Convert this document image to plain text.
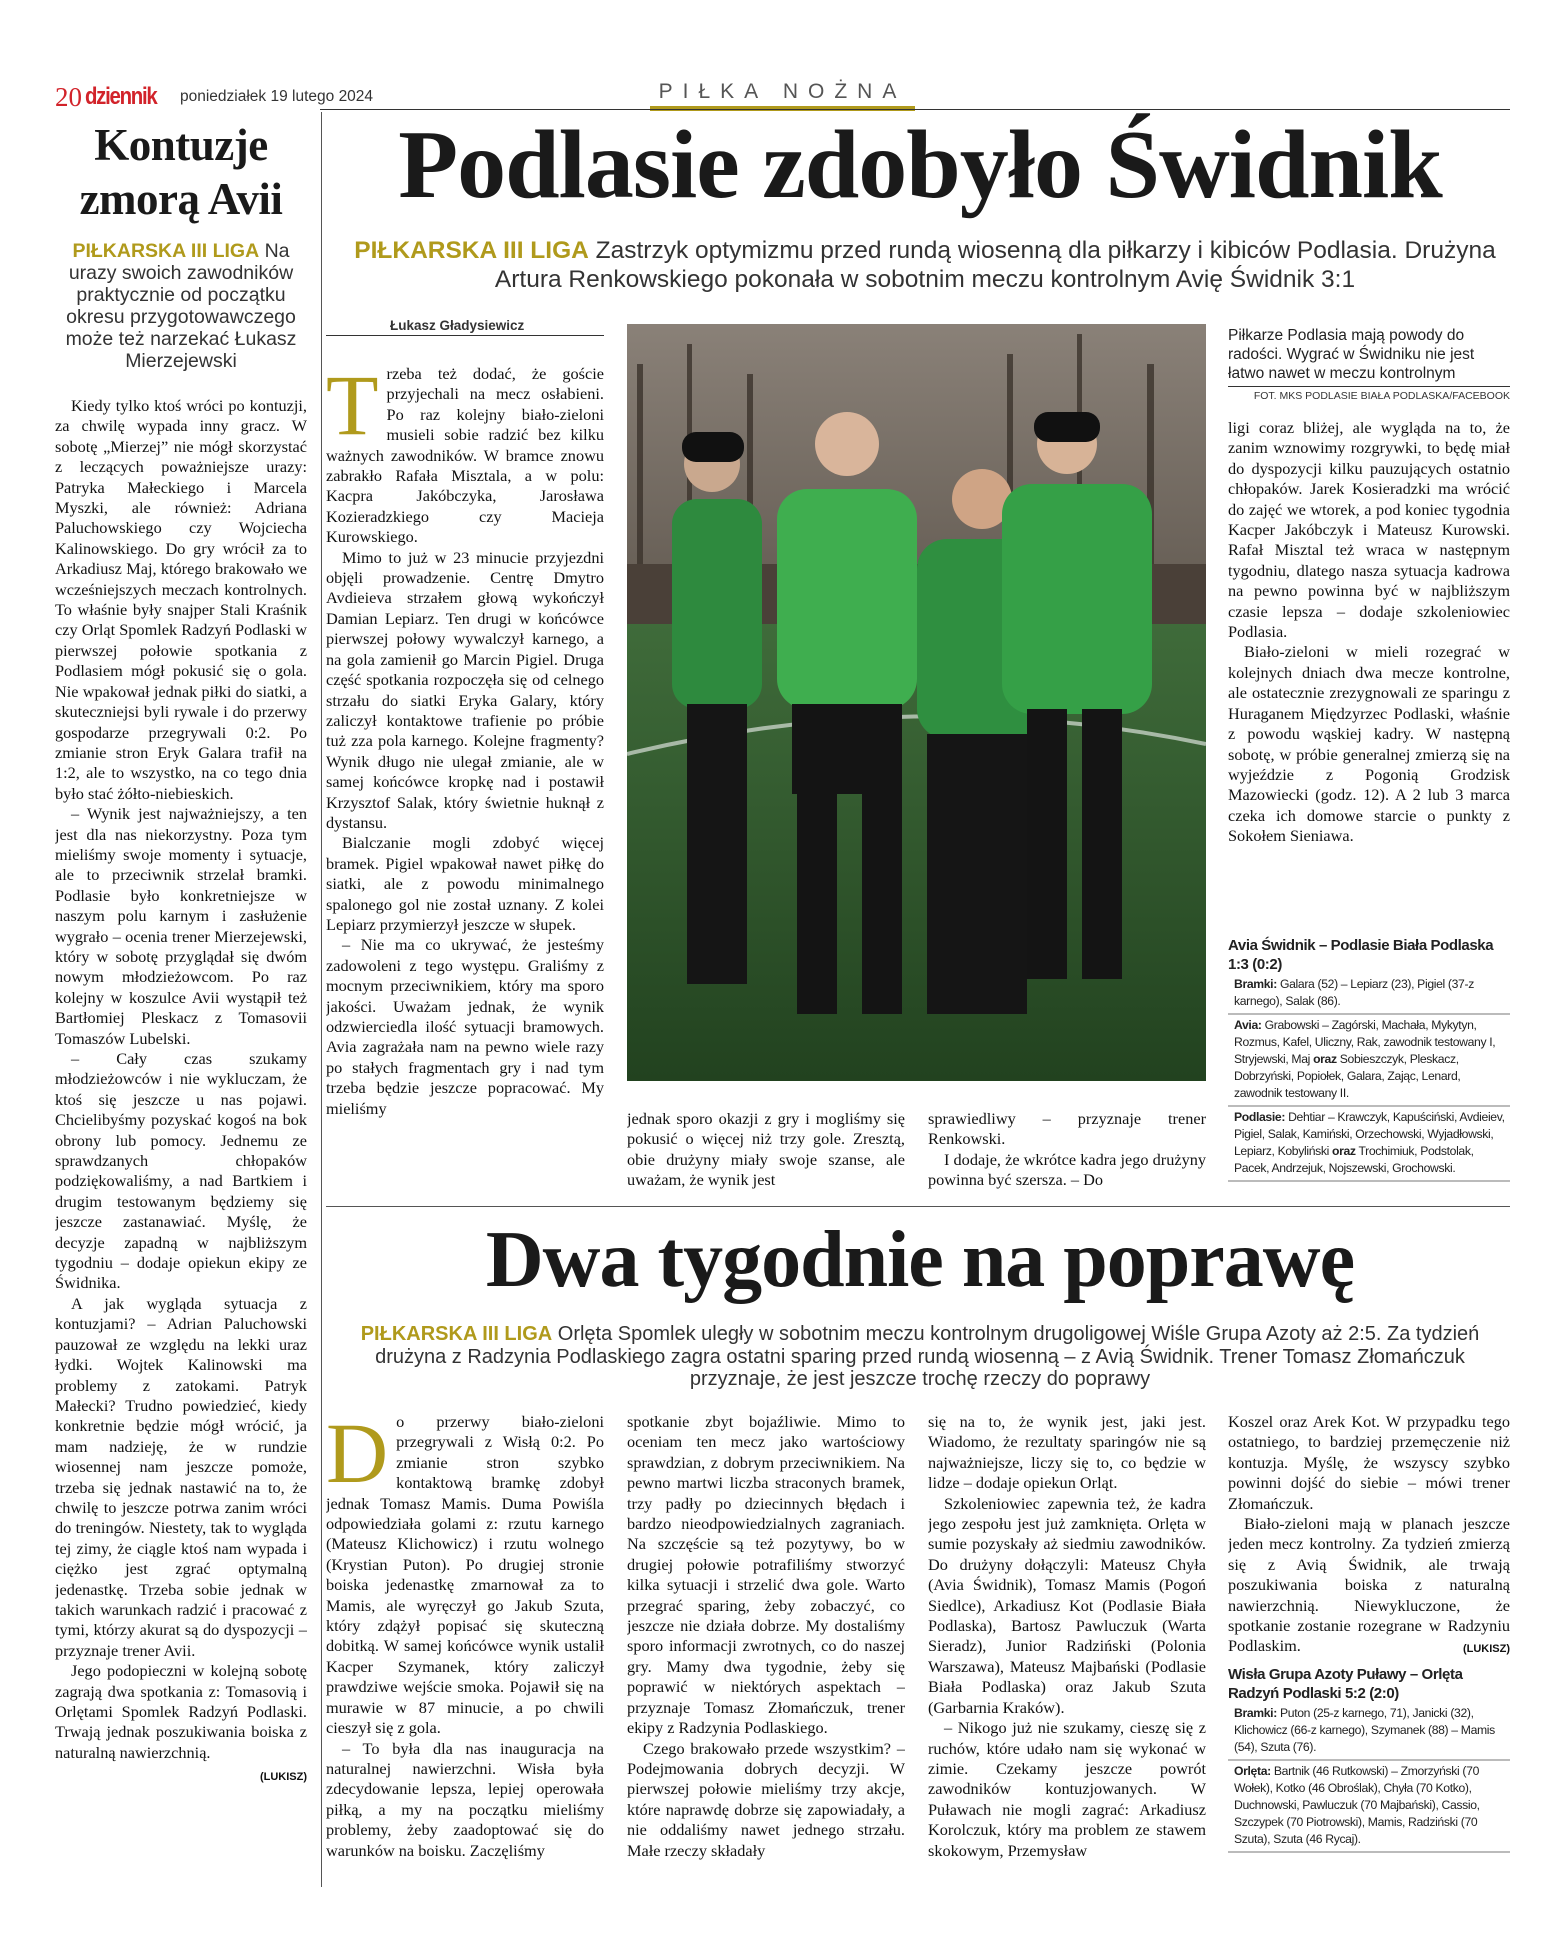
20 dziennik poniedziałek 19 lutego 2024	PIŁKA NOŻNA
Kontuzje
zmorą Avii
PIŁKARSKA III LIGA Na urazy swoich zawodników praktycznie od początku okresu przygotowawczego może też narzekać Łukasz Mierzejewski

Kiedy tylko ktoś wróci po kontuzji, za chwilę wypada inny gracz. W sobotę „Mierzej” nie mógł skorzystać z leczących poważniejsze urazy: Patryka Małeckiego i Marcela Myszki, ale również: Adriana Paluchowskiego czy Wojciecha Kalinowskiego. Do gry wrócił za to Arkadiusz Maj, którego brakowało we wcześniejszych meczach kontrolnych. To właśnie były snajper Stali Kraśnik czy Orląt Spomlek Radzyń Podlaski w pierwszej połowie spotkania z Podlasiem mógł pokusić się o gola. Nie wpakował jednak piłki do siatki, a skuteczniejsi byli rywale i do przerwy gospodarze przegrywali 0:2. Po zmianie stron Eryk Galara trafił na 1:2, ale to wszystko, na co tego dnia było stać żółto-niebieskich.

– Wynik jest najważniejszy, a ten jest dla nas niekorzystny. Poza tym mieliśmy swoje momenty i sytuacje, ale to przeciwnik strzelał bramki. Podlasie było konkretniejsze w naszym polu karnym i zasłużenie wygrało – ocenia trener Mierzejewski, który w sobotę przyglądał się dwóm nowym młodzieżowcom. Po raz kolejny w koszulce Avii wystąpił też Bartłomiej Pleskacz z Tomasovii Tomaszów Lubelski.

– Cały czas szukamy młodzieżowców i nie wykluczam, że ktoś się jeszcze u nas pojawi. Chcielibyśmy pozyskać kogoś na bok obrony lub pomocy. Jednemu ze sprawdzanych chłopaków podziękowaliśmy, a nad Bartkiem i drugim testowanym będziemy się jeszcze zastanawiać. Myślę, że decyzje zapadną w najbliższym tygodniu – dodaje opiekun ekipy ze Świdnika.

A jak wygląda sytuacja z kontuzjami? – Adrian Paluchowski pauzował ze względu na lekki uraz łydki. Wojtek Kalinowski ma problemy z zatokami. Patryk Małecki? Trudno powiedzieć, kiedy konkretnie będzie mógł wrócić, ja mam nadzieję, że w rundzie wiosennej nam jeszcze pomoże, trzeba się jednak nastawić na to, że chwilę to jeszcze potrwa zanim wróci do treningów. Niestety, tak to wygląda tej zimy, że ciągle ktoś nam wypada i ciężko jest zgrać optymalną jedenastkę. Trzeba sobie jednak w takich warunkach radzić i pracować z tymi, którzy akurat są do dyspozycji – przyznaje trener Avii.

Jego podopieczni w kolejną sobotę zagrają dwa spotkania z: Tomasovią i Orlętami Spomlek Radzyń Podlaski. Trwają jednak poszukiwania boiska z naturalną nawierzchnią.

(LUKISZ)
Podlasie zdobyło Świdnik
PIŁKARSKA III LIGA Zastrzyk optymizmu przed rundą wiosenną dla piłkarzy i kibiców Podlasia. Drużyna Artura Renkowskiego pokonała w sobotnim meczu kontrolnym Avię Świdnik 3:1
Łukasz Gładysiewicz
T rzeba też dodać, że goście przyjechali na mecz osłabieni. Po raz kolejny biało-zieloni musieli sobie radzić bez kilku ważnych zawodników. W bramce znowu zabrakło Rafała Misztala, a w polu: Kacpra Jakóbczyka, Jarosława Kozieradzkiego czy Macieja Kurowskiego.

Mimo to już w 23 minucie przyjezdni objęli prowadzenie. Centrę Dmytro Avdieieva strzałem głową wykończył Damian Lepiarz. Ten drugi w końcówce pierwszej połowy wywalczył karnego, a na gola zamienił go Marcin Pigiel. Druga część spotkania rozpoczęła się od celnego strzału do siatki Eryka Galary, który zaliczył kontaktowe trafienie po próbie tuż zza pola karnego. Kolejne fragmenty? Wynik długo nie ulegał zmianie, ale w samej końcówce kropkę nad i postawił Krzysztof Salak, który świetnie huknął z dystansu.

Bialczanie mogli zdobyć więcej bramek. Pigiel wpakował nawet piłkę do siatki, ale z powodu minimalnego spalonego gol nie został uznany. Z kolei Lepiarz przymierzył jeszcze w słupek.

– Nie ma co ukrywać, że jesteśmy zadowoleni z tego występu. Graliśmy z mocnym przeciwnikiem, który ma sporo jakości. Uważam jednak, że wynik odzwierciedla ilość sytuacji bramowych. Avia zagrażała nam na pewno wiele razy po stałych fragmentach gry i nad tym trzeba będzie jeszcze popracować. My mieliśmy

jednak sporo okazji z gry i mogliśmy się pokusić o więcej niż trzy gole. Zresztą, obie drużyny miały swoje szanse, ale uważam, że wynik jest

sprawiedliwy – przyznaje trener Renkowski.

I dodaje, że wkrótce kadra jego drużyny powinna być szersza. – Do

Piłkarze Podlasia mają powody do radości. Wygrać w Świdniku nie jest łatwo nawet w meczu kontrolnym
FOT. MKS PODLASIE BIAŁA PODLASKA/FACEBOOK

ligi coraz bliżej, ale wygląda na to, że zanim wznowimy rozgrywki, to będę miał do dyspozycji kilku pauzujących ostatnio chłopaków. Jarek Kosieradzki ma wrócić do zajęć we wtorek, a pod koniec tygodnia Kacper Jakóbczyk i Mateusz Kurowski. Rafał Misztal też wraca w następnym tygodniu, dlatego nasza sytuacja kadrowa na pewno powinna być w najbliższym czasie lepsza – dodaje szkoleniowiec Podlasia.

Biało-zieloni w mieli rozegrać w kolejnych dniach dwa mecze kontrolne, ale ostatecznie zrezygnowali ze sparingu z Huraganem Międzyrzec Podlaski, właśnie z powodu wąskiej kadry. W następną sobotę, w próbie generalnej zmierzą się na wyjeździe z Pogonią Grodzisk Mazowiecki (godz. 12). A 2 lub 3 marca czeka ich domowe starcie o punkty z Sokołem Sieniawa.

Avia Świdnik – Podlasie Biała Podlaska 1:3 (0:2)
Bramki: Galara (52) – Lepiarz (23), Pigiel (37-z karnego), Salak (86).
Avia: Grabowski – Zagórski, Machała, Mykytyn, Rozmus, Kafel, Uliczny, Rak, zawodnik testowany I, Stryjewski, Maj oraz Sobieszczyk, Pleskacz, Dobrzyński, Popiołek, Galara, Zając, Lenard, zawodnik testowany II.
Podlasie: Dehtiar – Krawczyk, Kapuściński, Avdieiev, Pigiel, Salak, Kamiński, Orzechowski, Wyjadłowski, Lepiarz, Kobyliński oraz Trochimiuk, Podstolak, Pacek, Andrzejuk, Nojszewski, Grochowski.
Dwa tygodnie na poprawę
PIŁKARSKA III LIGA Orlęta Spomlek uległy w sobotnim meczu kontrolnym drugoligowej Wiśle Grupa Azoty aż 2:5. Za tydzień drużyna z Radzynia Podlaskiego zagra ostatni sparing przed rundą wiosenną – z Avią Świdnik. Trener Tomasz Złomańczuk przyznaje, że jest jeszcze trochę rzeczy do poprawy
D o przerwy biało-zieloni przegrywali z Wisłą 0:2. Po zmianie stron szybko kontaktową bramkę zdobył jednak Tomasz Mamis. Duma Powiśla odpowiedziała golami z: rzutu karnego (Mateusz Klichowicz) i rzutu wolnego (Krystian Puton). Po drugiej stronie boiska jedenastkę zmarnował za to Mamis, ale wyręczył go Jakub Szuta, który zdążył popisać się skuteczną dobitką. W samej końcówce wynik ustalił Kacper Szymanek, który zaliczył prawdziwe wejście smoka. Pojawił się na murawie w 87 minucie, a po chwili cieszył się z gola.

– To była dla nas inauguracja na naturalnej nawierzchni. Wisła była zdecydowanie lepsza, lepiej operowała piłką, a my na początku mieliśmy problemy, żeby zaadoptować się do warunków na boisku. Zaczęliśmy

spotkanie zbyt bojaźliwie. Mimo to oceniam ten mecz jako wartościowy sprawdzian, z dobrym przeciwnikiem. Na pewno martwi liczba straconych bramek, trzy padły po dziecinnych błędach i bardzo nieodpowiedzialnych zagraniach. Na szczęście są też pozytywy, bo w drugiej połowie potrafiliśmy stworzyć kilka sytuacji i strzelić dwa gole. Warto przegrać sparing, żeby zobaczyć, co jeszcze nie działa dobrze. My dostaliśmy sporo informacji zwrotnych, co do naszej gry. Mamy dwa tygodnie, żeby się poprawić w niektórych aspektach – przyznaje Tomasz Złomańczuk, trener ekipy z Radzynia Podlaskiego.

Czego brakowało przede wszystkim? – Podejmowania dobrych decyzji. W pierwszej połowie mieliśmy trzy akcje, które naprawdę dobrze się zapowiadały, a nie oddaliśmy nawet jednego strzału. Małe rzeczy składały

się na to, że wynik jest, jaki jest. Wiadomo, że rezultaty sparingów nie są najważniejsze, liczy się to, co będzie w lidze – dodaje opiekun Orląt.

Szkoleniowiec zapewnia też, że kadra jego zespołu jest już zamknięta. Orlęta w sumie pozyskały aż siedmiu zawodników. Do drużyny dołączyli: Mateusz Chyła (Avia Świdnik), Tomasz Mamis (Pogoń Siedlce), Arkadiusz Kot (Podlasie Biała Podlaska), Bartosz Pawluczuk (Warta Sieradz), Junior Radziński (Polonia Warszawa), Mateusz Majbański (Podlasie Biała Podlaska) oraz Jakub Szuta (Garbarnia Kraków).

– Nikogo już nie szukamy, cieszę się z ruchów, które udało nam się wykonać w zimie. Czekamy jeszcze powrót zawodników kontuzjowanych. W Puławach nie mogli zagrać: Arkadiusz Korolczuk, który ma problem ze stawem skokowym, Przemysław

Koszel oraz Arek Kot. W przypadku tego ostatniego, to bardziej przemęczenie niż kontuzja. Myślę, że wszyscy szybko powinni dojść do siebie – mówi trener Złomańczuk.

Biało-zieloni mają w planach jeszcze jeden mecz kontrolny. Za tydzień zmierzą się z Avią Świdnik, ale trwają poszukiwania boiska z naturalną nawierzchnią. Niewykluczone, że spotkanie zostanie rozegrane w Radzyniu Podlaskim.	(LUKISZ)
Wisła Grupa Azoty Puławy – Orlęta Radzyń Podlaski 5:2 (2:0)
Bramki: Puton (25-z karnego, 71), Janicki (32), Klichowicz (66-z karnego), Szymanek (88) – Mamis (54), Szuta (76).
Orlęta: Bartnik (46 Rutkowski) – Zmorzyński (70 Wołek), Kotko (46 Obroślak), Chyła (70 Kotko), Duchnowski, Pawluczuk (70 Majbański), Cassio, Szczypek (70 Piotrowski), Mamis, Radziński (70 Szuta), Szuta (46 Rycaj).
